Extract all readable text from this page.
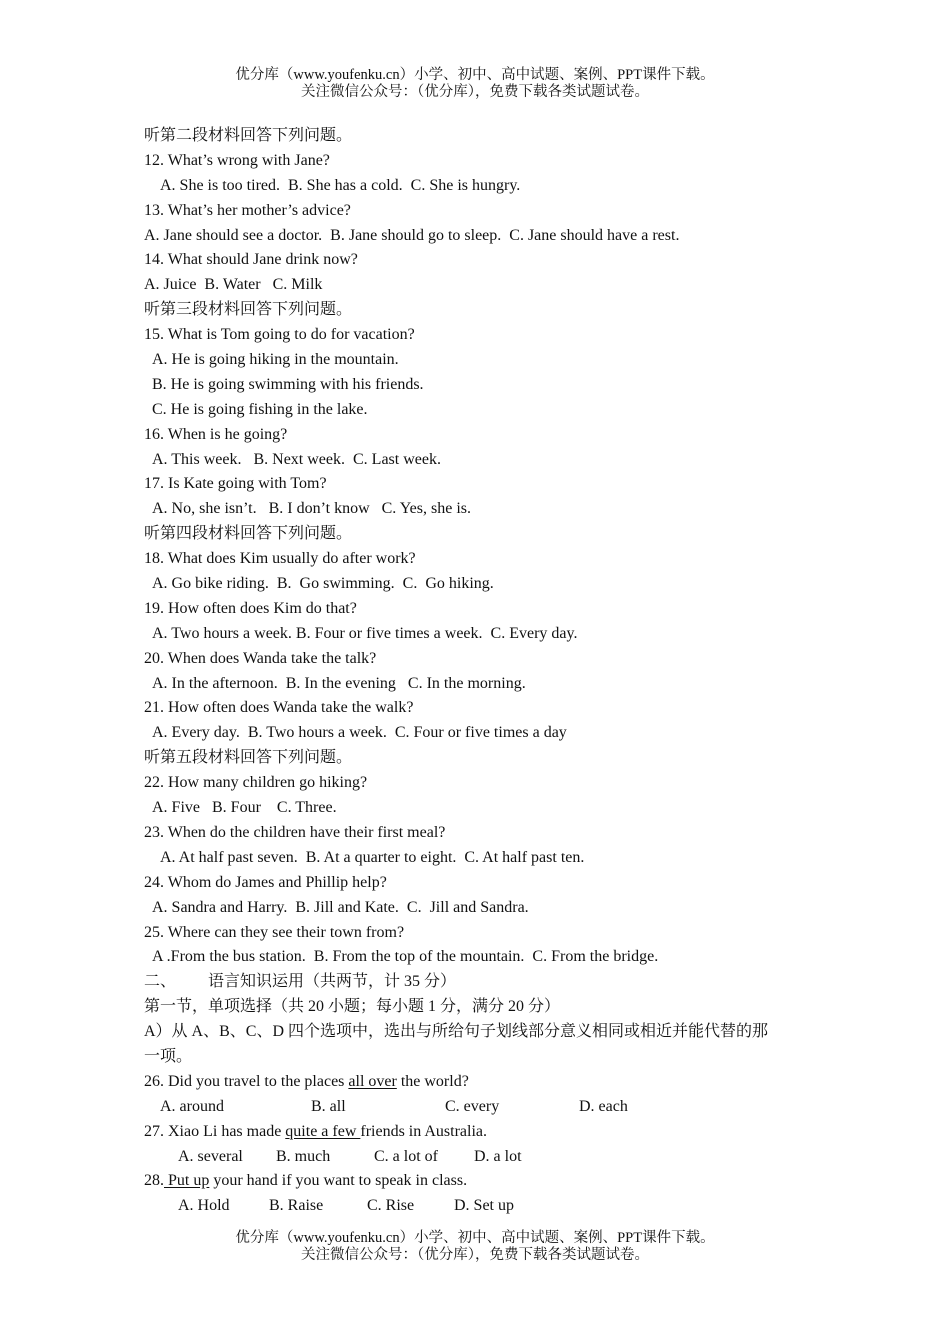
优分库（www.youfenku.cn）小学、初中、高中试题、案例、PPT课件下载。
关注微信公众号：（优分库），免费下载各类试题试卷。
听第二段材料回答下列问题。
12. What’s wrong with Jane?
A. She is too tired.  B. She has a cold.  C. She is hungry.
13. What’s her mother’s advice?
A. Jane should see a doctor.  B. Jane should go to sleep.  C. Jane should have a rest.
14. What should Jane drink now?
A. Juice  B. Water   C. Milk
听第三段材料回答下列问题。
15. What is Tom going to do for vacation?
A. He is going hiking in the mountain.
B. He is going swimming with his friends.
C. He is going fishing in the lake.
16. When is he going?
A. This week.   B. Next week.  C. Last week.
17. Is Kate going with Tom?
A. No, she isn’t.   B. I don’t know   C. Yes, she is.
听第四段材料回答下列问题。
18. What does Kim usually do after work?
A. Go bike riding.  B.  Go swimming.  C.  Go hiking.
19. How often does Kim do that?
A. Two hours a week. B. Four or five times a week.  C. Every day.
20. When does Wanda take the talk?
A. In the afternoon.  B. In the evening   C. In the morning.
21. How often does Wanda take the walk?
A. Every day.  B. Two hours a week.  C. Four or five times a day
听第五段材料回答下列问题。
22. How many children go hiking?
A. Five   B. Four    C. Three.
23. When do the children have their first meal?
A. At half past seven.  B. At a quarter to eight.  C. At half past ten.
24. Whom do James and Phillip help?
A. Sandra and Harry.  B. Jill and Kate.  C.  Jill and Sandra.
25. Where can they see their town from?
A .From the bus station.  B. From the top of the mountain.  C. From the bridge.
二、        语言知识运用（共两节，计 35 分）
第一节，单项选择（共 20 小题；每小题 1 分，满分 20 分）
A）从 A、B、C、D 四个选项中，选出与所给句子划线部分意义相同或相近并能代替的那
一项。
26. Did you travel to the places all over the world?
A. around	B. all	C. every	D. each
27. Xiao Li has made quite a few friends in Australia.
A. several B. much	C. a lot of D. a lot
28. Put up your hand if you want to speak in class.
A. Hold B. Raise	C. Rise D. Set up
优分库（www.youfenku.cn）小学、初中、高中试题、案例、PPT课件下载。
关注微信公众号：（优分库），免费下载各类试题试卷。
